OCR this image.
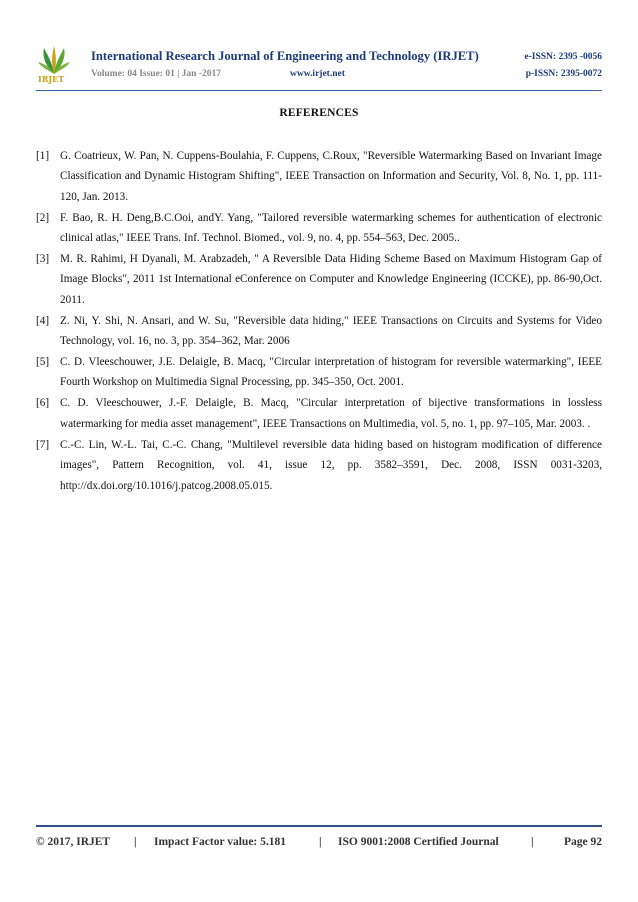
IRJET
International Research Journal of Engineering and Technology (IRJET)
Volume: 04 Issue: 01 | Jan -2017	www.irjet.net
e-ISSN: 2395 -0056
p-ISSN: 2395-0072
REFERENCES
[1] G. Coatrieux, W. Pan, N. Cuppens-Boulahia, F. Cuppens, C.Roux, "Reversible Watermarking Based on Invariant Image Classification and Dynamic Histogram Shifting", IEEE Transaction on Information and Security, Vol. 8, No. 1, pp. 111-120, Jan. 2013.
[2] F. Bao, R. H. Deng,B.C.Ooi, andY. Yang, "Tailored reversible watermarking schemes for authentication of electronic clinical atlas," IEEE Trans. Inf. Technol. Biomed., vol. 9, no. 4, pp. 554–563, Dec. 2005..
[3] M. R. Rahimi, H Dyanali, M. Arabzadeh, " A Reversible Data Hiding Scheme Based on Maximum Histogram Gap of Image Blocks", 2011 1st International eConference on Computer and Knowledge Engineering (ICCKE), pp. 86-90,Oct. 2011.
[4] Z. Ni, Y. Shi, N. Ansari, and W. Su, "Reversible data hiding," IEEE Transactions on Circuits and Systems for Video Technology, vol. 16, no. 3, pp. 354–362, Mar. 2006
[5] C. D. Vleeschouwer, J.E. Delaigle, B. Macq, "Circular interpretation of histogram for reversible watermarking", IEEE Fourth Workshop on Multimedia Signal Processing, pp. 345–350, Oct. 2001.
[6] C. D. Vleeschouwer, J.-F. Delaigle, B. Macq, "Circular interpretation of bijective transformations in lossless watermarking for media asset management", IEEE Transactions on Multimedia, vol. 5, no. 1, pp. 97–105, Mar. 2003. .
[7] C.-C. Lin, W.-L. Tai, C.-C. Chang, "Multilevel reversible data hiding based on histogram modification of difference images", Pattern Recognition, vol. 41, issue 12, pp. 3582–3591, Dec. 2008, ISSN 0031-3203, http://dx.doi.org/10.1016/j.patcog.2008.05.015.
© 2017, IRJET | Impact Factor value: 5.181	| ISO 9001:2008 Certified Journal	|	Page 92
